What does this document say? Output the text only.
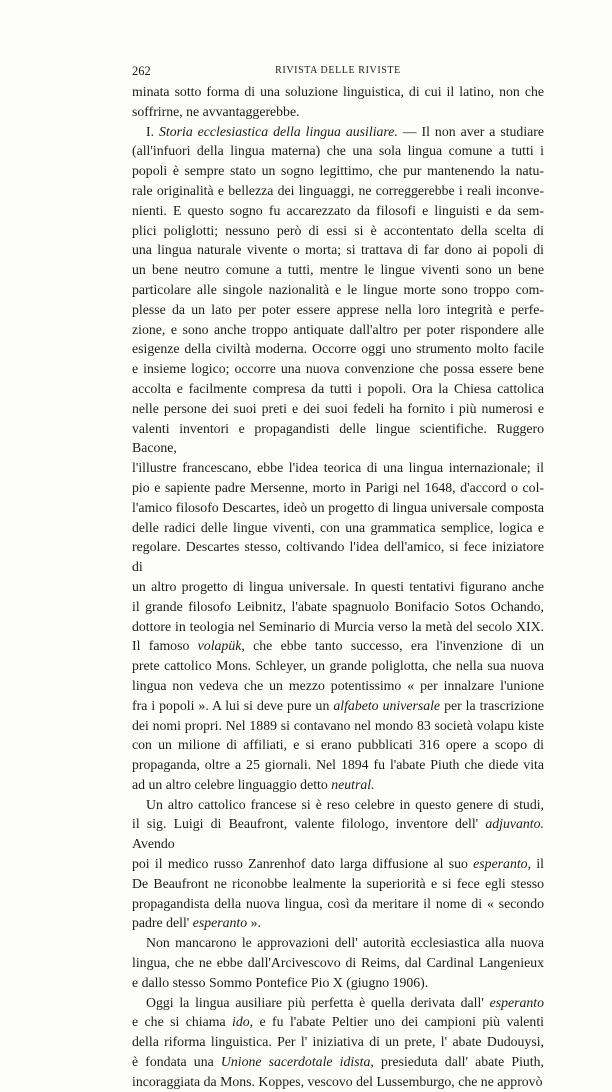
262	RIVISTA DELLE RIVISTE

minata sotto forma di una soluzione linguistica, di cui il latino, non che

soffrirne, ne avvantaggerebbe.

I. Storia ecclesiastica della lingua ausiliare. — Il non aver a studiare

(all'infuori della lingua materna) che una sola lingua comune a tutti i

popoli è sempre stato un sogno legittimo, che pur mantenendo la natu-

rale originalità e bellezza dei linguaggi, ne correggerebbe i reali inconve-

nienti. E questo sogno fu accarezzato da filosofi e linguisti e da sem-

plici poliglotti; nessuno però di essi si è accontentato della scelta di

una lingua naturale vivente o morta; si trattava di far dono ai popoli di

un bene neutro comune a tutti, mentre le lingue viventi sono un bene

particolare alle singole nazionalità e le lingue morte sono troppo com-

plesse da un lato per poter essere apprese nella loro integrità e perfe-

zione, e sono anche troppo antiquate dall'altro per poter rispondere alle

esigenze della civiltà moderna. Occorre oggi uno strumento molto facile

e insieme logico; occorre una nuova convenzione che possa essere bene

accolta e facilmente compresa da tutti i popoli. Ora la Chiesa cattolica

nelle persone dei suoi preti e dei suoi fedeli ha fornito i più numerosi e

valenti inventori e propagandisti delle lingue scientifiche. Ruggero Bacone,

l'illustre francescano, ebbe l'idea teorica di una lingua internazionale; il

pio e sapiente padre Mersenne, morto in Parigi nel 1648, d'accord o col-

l'amico filosofo Descartes, ideò un progetto di lingua universale composta

delle radici delle lingue viventi, con una grammatica semplice, logica e

regolare. Descartes stesso, coltivando l'idea dell'amico, si fece iniziatore di

un altro progetto di lingua universale. In questi tentativi figurano anche

il grande filosofo Leibnitz, l'abate spagnuolo Bonifacio Sotos Ochando,

dottore in teologia nel Seminario di Murcia verso la metà del secolo XIX.

Il famoso volapük, che ebbe tanto successo, era l'invenzione di un

prete cattolico Mons. Schleyer, un grande poliglotta, che nella sua nuova

lingua non vedeva che un mezzo potentissimo « per innalzare l'unione

fra i popoli ». A lui si deve pure un alfabeto universale per la trascrizione

dei nomi propri. Nel 1889 si contavano nel mondo 83 società volapu kiste

con un milione di affiliati, e si erano pubblicati 316 opere a scopo di

propaganda, oltre a 25 giornali. Nel 1894 fu l'abate Piuth che diede vita

ad un altro celebre linguaggio detto neutral.

Un altro cattolico francese si è reso celebre in questo genere di studi,

il sig. Luigi di Beaufront, valente filologo, inventore dell' adjuvanto. Avendo

poi il medico russo Zanrenhof dato larga diffusione al suo esperanto, il

De Beaufront ne riconobbe lealmente la superiorità e si fece egli stesso

propagandista della nuova lingua, così da meritare il nome di « secondo

padre dell' esperanto ».

Non mancarono le approvazioni dell' autorità ecclesiastica alla nuova

lingua, che ne ebbe dall'Arcivescovo di Reims, dal Cardinal Langenieux

e dallo stesso Sommo Pontefice Pio X (giugno 1906).

Oggi la lingua ausiliare più perfetta è quella derivata dall' esperanto

e che si chiama ido, e fu l'abate Peltier uno dei campioni più valenti

della riforma linguistica. Per l' iniziativa di un prete, l' abate Dudouysi,

è fondata una Unione sacerdotale idista, presieduta dall' abate Piuth,

incoraggiata da Mons. Koppes, vescovo del Lussemburgo, che ne approvò
